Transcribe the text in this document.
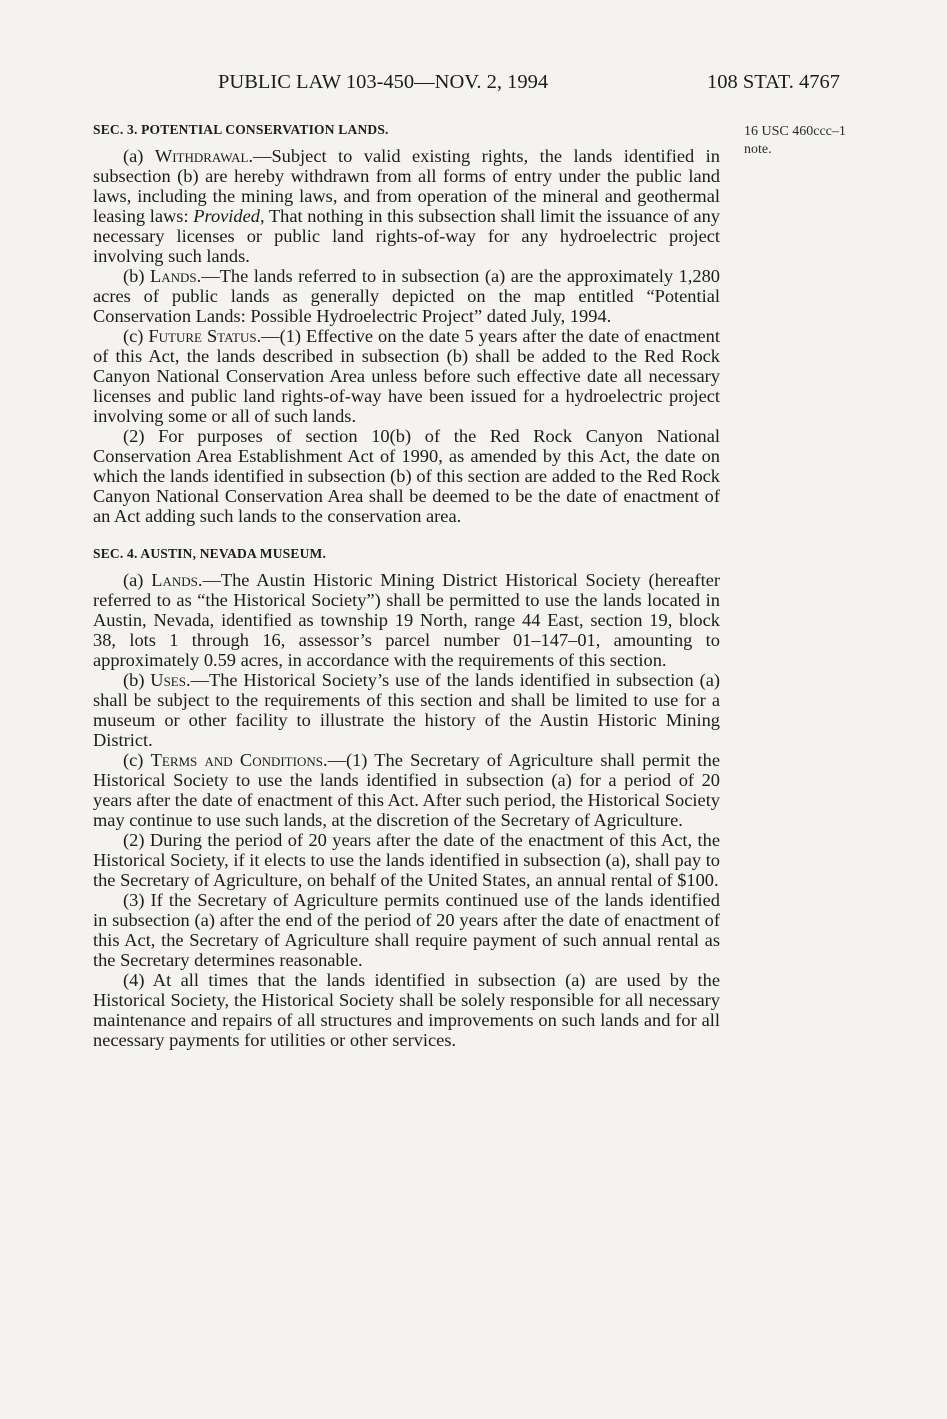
PUBLIC LAW 103-450—NOV. 2, 1994	108 STAT. 4767
16 USC 460ccc–1
note.
SEC. 3. POTENTIAL CONSERVATION LANDS.

(a) Withdrawal.—Subject to valid existing rights, the lands identified in subsection (b) are hereby withdrawn from all forms of entry under the public land laws, including the mining laws, and from operation of the mineral and geothermal leasing laws: Provided, That nothing in this subsection shall limit the issuance of any necessary licenses or public land rights-of-way for any hydroelectric project involving such lands.

(b) Lands.—The lands referred to in subsection (a) are the approximately 1,280 acres of public lands as generally depicted on the map entitled “Potential Conservation Lands: Possible Hydroelectric Project” dated July, 1994.

(c) Future Status.—(1) Effective on the date 5 years after the date of enactment of this Act, the lands described in subsection (b) shall be added to the Red Rock Canyon National Conservation Area unless before such effective date all necessary licenses and public land rights-of-way have been issued for a hydroelectric project involving some or all of such lands.

(2) For purposes of section 10(b) of the Red Rock Canyon National Conservation Area Establishment Act of 1990, as amended by this Act, the date on which the lands identified in subsection (b) of this section are added to the Red Rock Canyon National Conservation Area shall be deemed to be the date of enactment of an Act adding such lands to the conservation area.

SEC. 4. AUSTIN, NEVADA MUSEUM.

(a) Lands.—The Austin Historic Mining District Historical Society (hereafter referred to as “the Historical Society”) shall be permitted to use the lands located in Austin, Nevada, identified as township 19 North, range 44 East, section 19, block 38, lots 1 through 16, assessor’s parcel number 01–147–01, amounting to approximately 0.59 acres, in accordance with the requirements of this section.

(b) Uses.—The Historical Society’s use of the lands identified in subsection (a) shall be subject to the requirements of this section and shall be limited to use for a museum or other facility to illustrate the history of the Austin Historic Mining District.

(c) Terms and Conditions.—(1) The Secretary of Agriculture shall permit the Historical Society to use the lands identified in subsection (a) for a period of 20 years after the date of enactment of this Act. After such period, the Historical Society may continue to use such lands, at the discretion of the Secretary of Agriculture.

(2) During the period of 20 years after the date of the enactment of this Act, the Historical Society, if it elects to use the lands identified in subsection (a), shall pay to the Secretary of Agriculture, on behalf of the United States, an annual rental of $100.

(3) If the Secretary of Agriculture permits continued use of the lands identified in subsection (a) after the end of the period of 20 years after the date of enactment of this Act, the Secretary of Agriculture shall require payment of such annual rental as the Secretary determines reasonable.

(4) At all times that the lands identified in subsection (a) are used by the Historical Society, the Historical Society shall be solely responsible for all necessary maintenance and repairs of all structures and improvements on such lands and for all necessary payments for utilities or other services.
